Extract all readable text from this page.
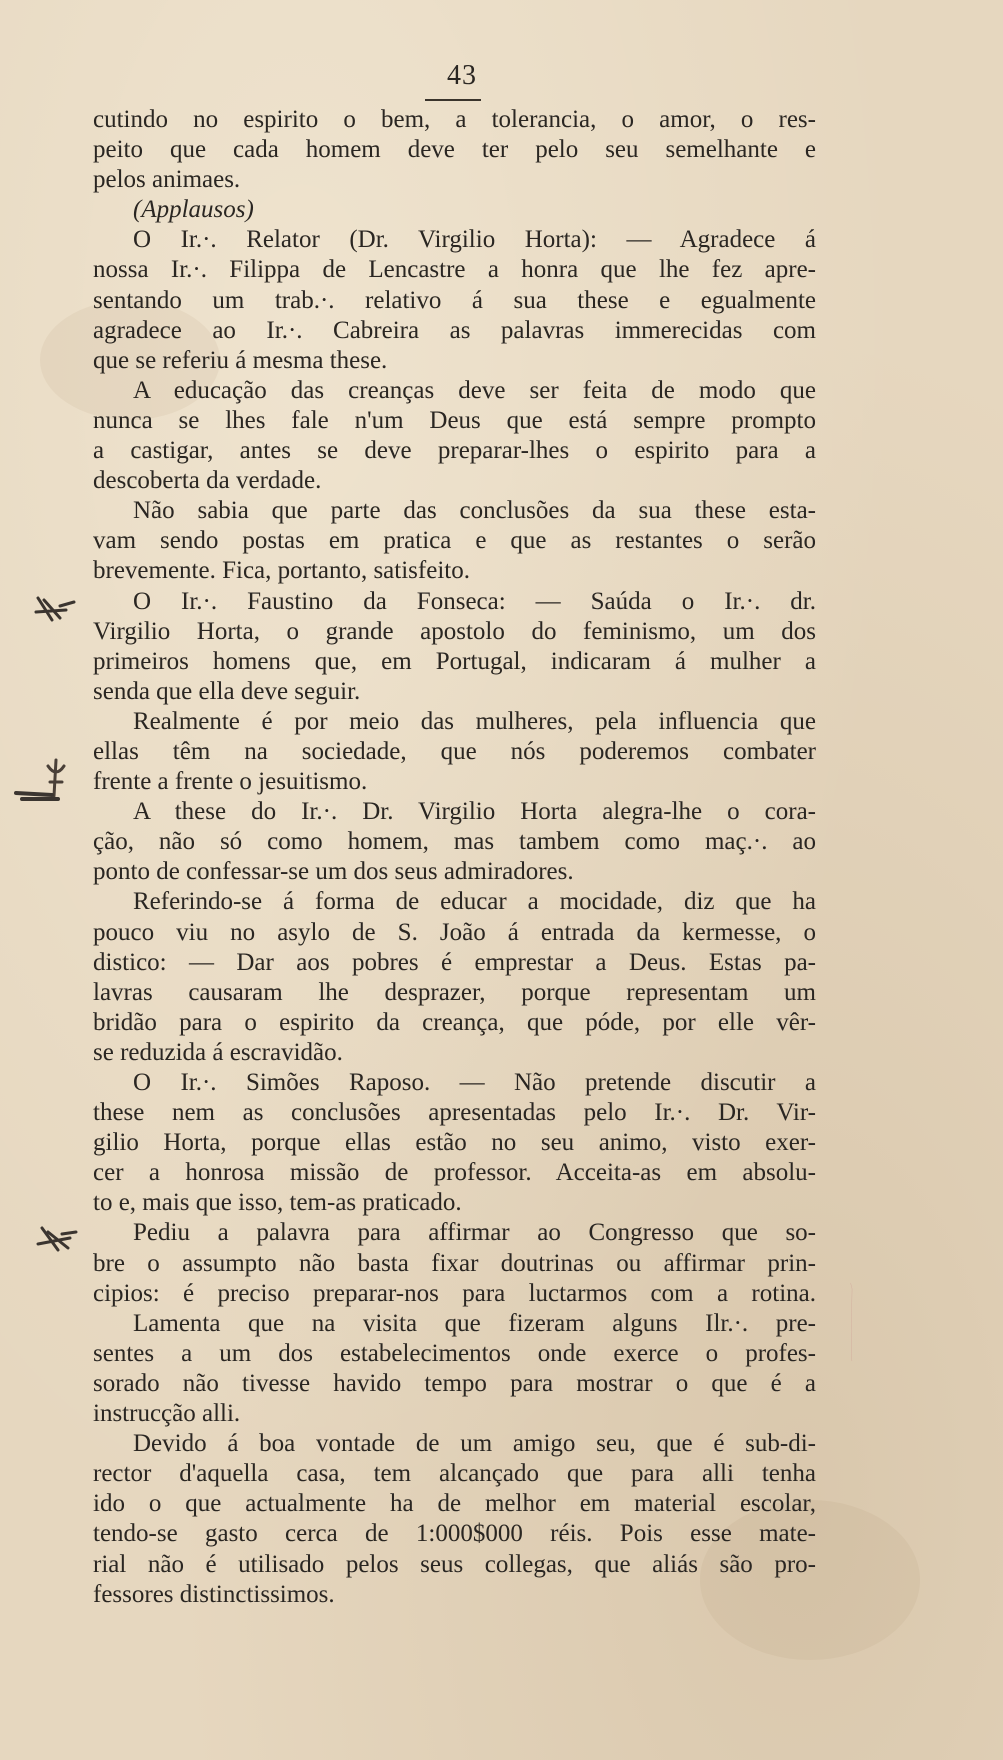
43
cutindo no espirito o bem, a tolerancia, o amor, o res-
peito que cada homem deve ter pelo seu semelhante e
pelos animaes.
(Applausos)
O Ir.·. Relator (Dr. Virgilio Horta): — Agradece á
nossa Ir.·. Filippa de Lencastre a honra que lhe fez apre-
sentando um trab.·. relativo á sua these e egualmente
agradece ao Ir.·. Cabreira as palavras immerecidas com
que se referiu á mesma these.
A educação das creanças deve ser feita de modo que
nunca se lhes fale n'um Deus que está sempre prompto
a castigar, antes se deve preparar-lhes o espirito para a
descoberta da verdade.
Não sabia que parte das conclusões da sua these esta-
vam sendo postas em pratica e que as restantes o serão
brevemente. Fica, portanto, satisfeito.
O Ir.·. Faustino da Fonseca: — Saúda o Ir.·. dr.
Virgilio Horta, o grande apostolo do feminismo, um dos
primeiros homens que, em Portugal, indicaram á mulher a
senda que ella deve seguir.
Realmente é por meio das mulheres, pela influencia que
ellas têm na sociedade, que nós poderemos combater
frente a frente o jesuitismo.
A these do Ir.·. Dr. Virgilio Horta alegra-lhe o cora-
ção, não só como homem, mas tambem como maç.·. ao
ponto de confessar-se um dos seus admiradores.
Referindo-se á forma de educar a mocidade, diz que ha
pouco viu no asylo de S. João á entrada da kermesse, o
distico: — Dar aos pobres é emprestar a Deus. Estas pa-
lavras causaram lhe desprazer, porque representam um
bridão para o espirito da creança, que póde, por elle vêr-
se reduzida á escravidão.
O Ir.·. Simões Raposo. — Não pretende discutir a
these nem as conclusões apresentadas pelo Ir.·. Dr. Vir-
gilio Horta, porque ellas estão no seu animo, visto exer-
cer a honrosa missão de professor. Acceita-as em absolu-
to e, mais que isso, tem-as praticado.
Pediu a palavra para affirmar ao Congresso que so-
bre o assumpto não basta fixar doutrinas ou affirmar prin-
cipios: é preciso preparar-nos para luctarmos com a rotina.
Lamenta que na visita que fizeram alguns Ilr.·. pre-
sentes a um dos estabelecimentos onde exerce o profes-
sorado não tivesse havido tempo para mostrar o que é a
instrucção alli.
Devido á boa vontade de um amigo seu, que é sub-di-
rector d'aquella casa, tem alcançado que para alli tenha
ido o que actualmente ha de melhor em material escolar,
tendo-se gasto cerca de 1:000$000 réis. Pois esse mate-
rial não é utilisado pelos seus collegas, que aliás são pro-
fessores distinctissimos.
